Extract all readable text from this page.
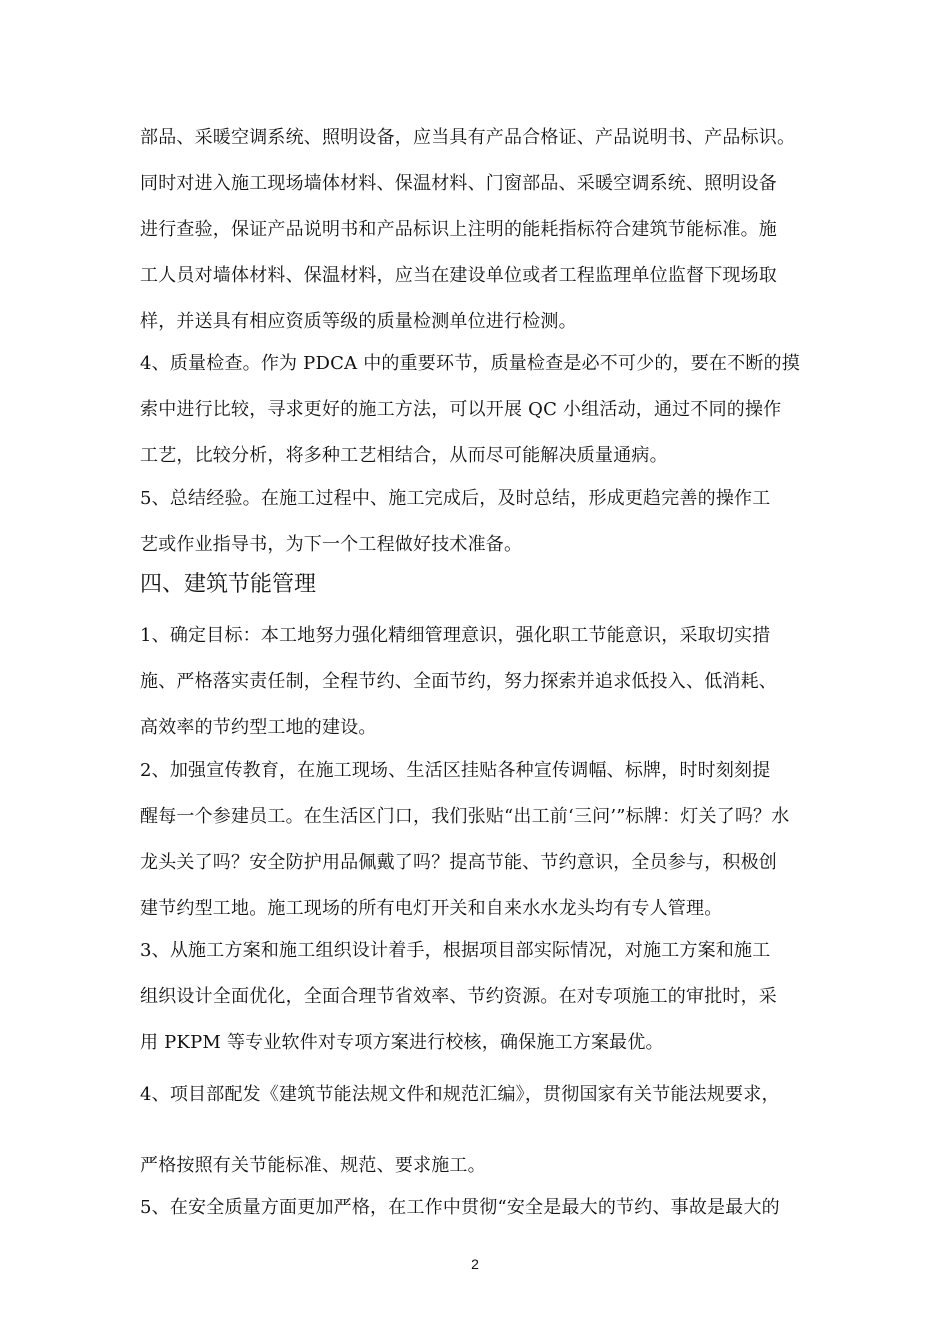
部品、采暖空调系统、照明设备，应当具有产品合格证、产品说明书、产品标识。
同时对进入施工现场墙体材料、保温材料、门窗部品、采暖空调系统、照明设备
进行查验，保证产品说明书和产品标识上注明的能耗指标符合建筑节能标准。施
工人员对墙体材料、保温材料，应当在建设单位或者工程监理单位监督下现场取
样，并送具有相应资质等级的质量检测单位进行检测。
4、质量检查。作为 PDCA 中的重要环节，质量检查是必不可少的，要在不断的摸
索中进行比较，寻求更好的施工方法，可以开展 QC 小组活动，通过不同的操作
工艺，比较分析，将多种工艺相结合，从而尽可能解决质量通病。
5、总结经验。在施工过程中、施工完成后，及时总结，形成更趋完善的操作工
艺或作业指导书，为下一个工程做好技术准备。
四、建筑节能管理
1、确定目标：本工地努力强化精细管理意识，强化职工节能意识，采取切实措
施、严格落实责任制，全程节约、全面节约，努力探索并追求低投入、低消耗、
高效率的节约型工地的建设。
2、加强宣传教育，在施工现场、生活区挂贴各种宣传调幅、标牌，时时刻刻提
醒每一个参建员工。在生活区门口，我们张贴“出工前‘三问’”标牌：灯关了吗？水
龙头关了吗？安全防护用品佩戴了吗？提高节能、节约意识，全员参与，积极创
建节约型工地。施工现场的所有电灯开关和自来水水龙头均有专人管理。
3、从施工方案和施工组织设计着手，根据项目部实际情况，对施工方案和施工
组织设计全面优化，全面合理节省效率、节约资源。在对专项施工的审批时，采
用 PKPM 等专业软件对专项方案进行校核，确保施工方案最优。
4、项目部配发《建筑节能法规文件和规范汇编》，贯彻国家有关节能法规要求，
严格按照有关节能标准、规范、要求施工。
5、在安全质量方面更加严格，在工作中贯彻“安全是最大的节约、事故是最大的
2
